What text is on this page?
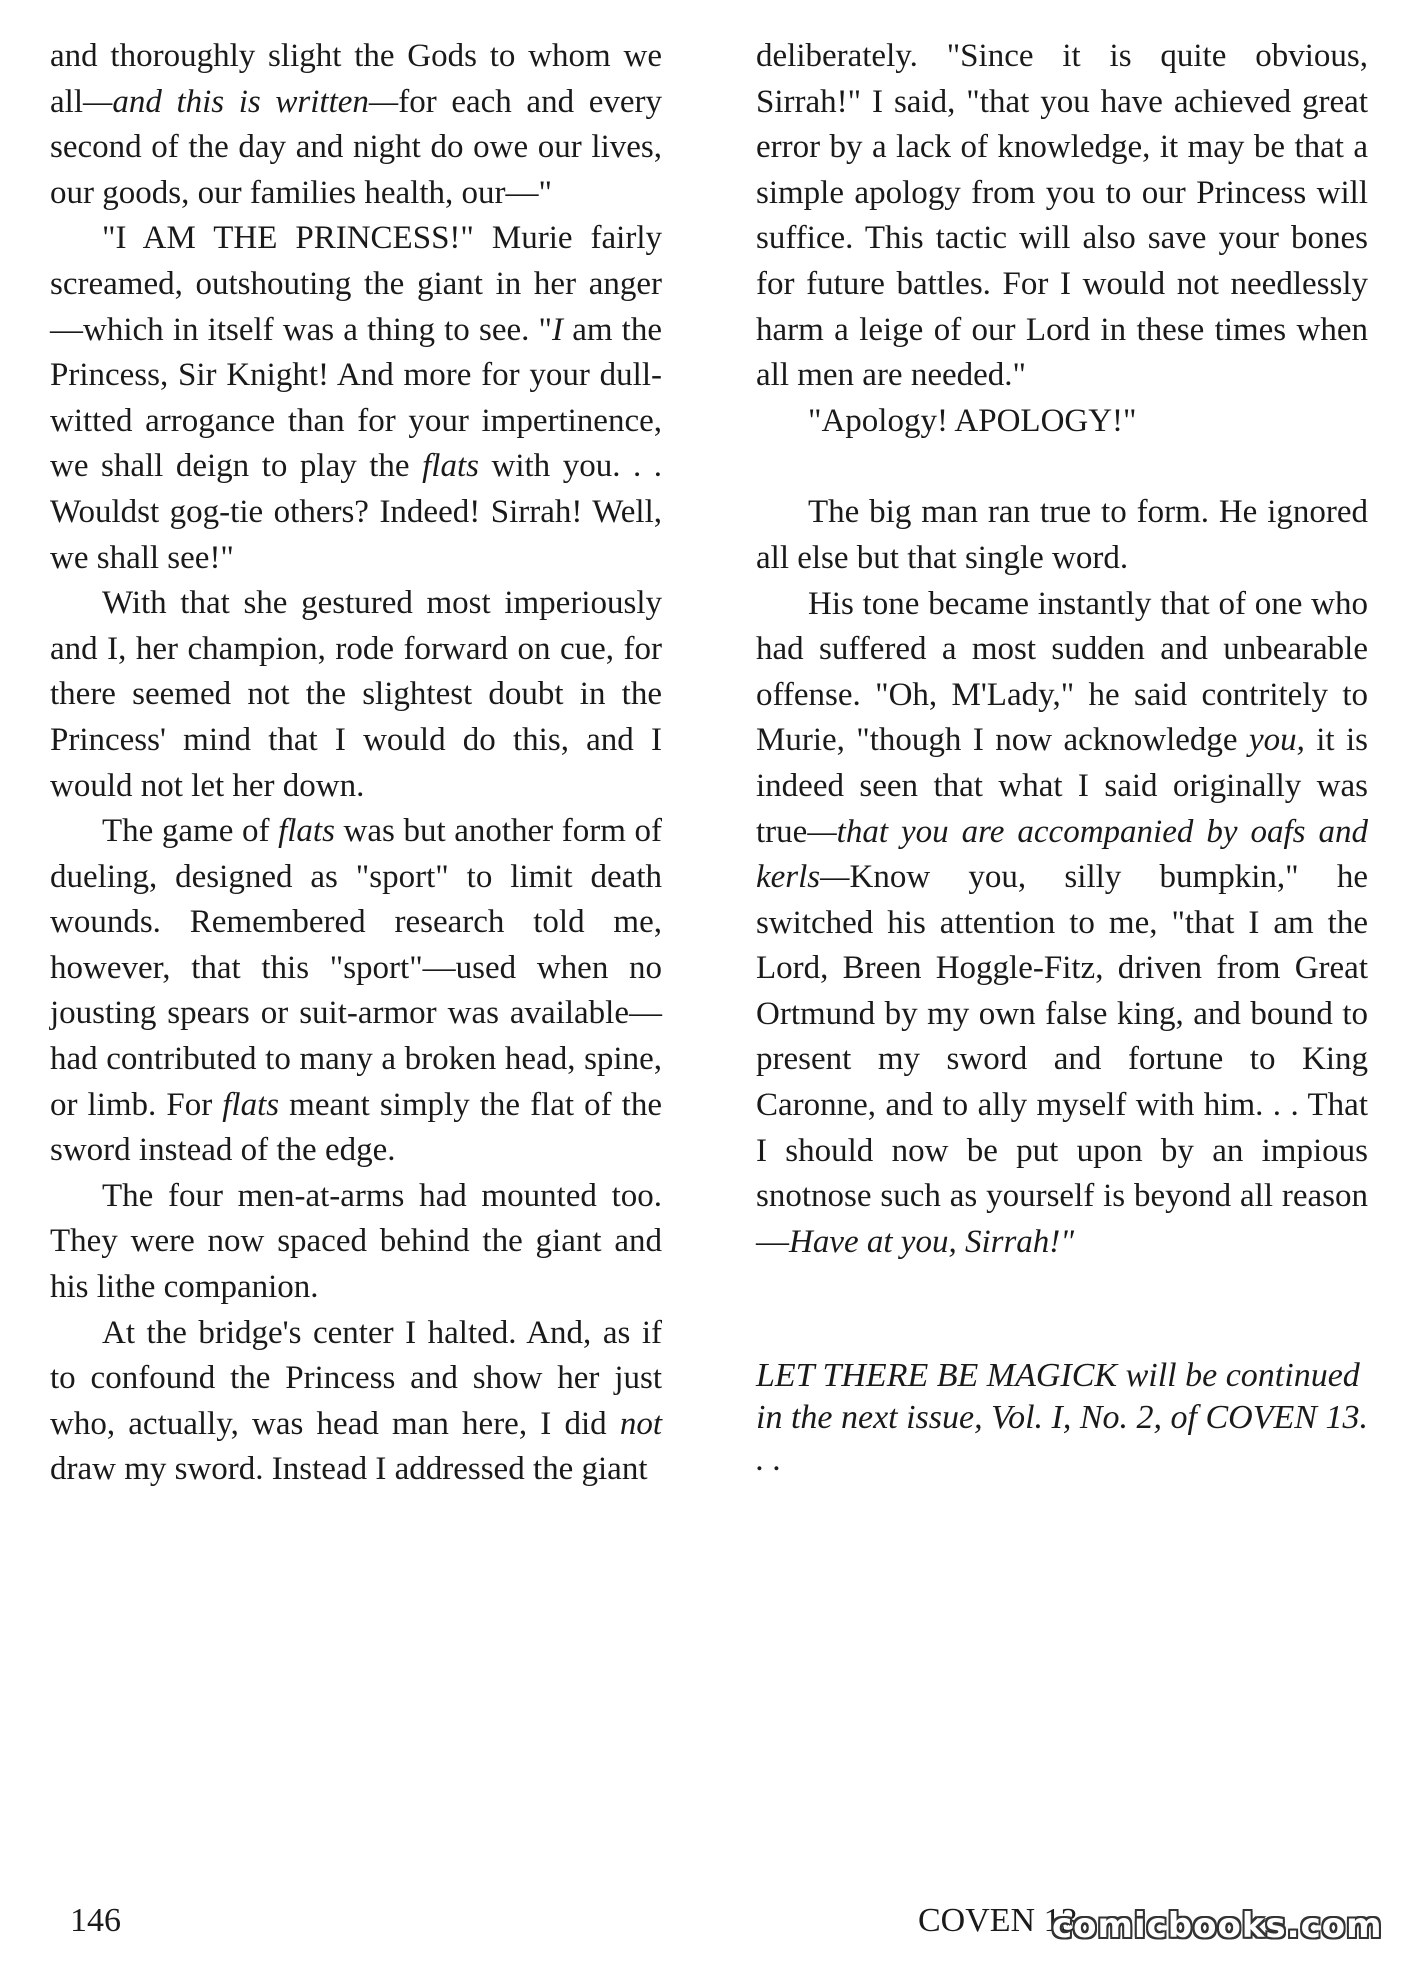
and thoroughly slight the Gods to whom we all—and this is written—for each and every second of the day and night do owe our lives, our goods, our families health, our—"

"I AM THE PRINCESS!" Murie fairly screamed, outshouting the giant in her anger—which in itself was a thing to see. "I am the Princess, Sir Knight! And more for your dull-witted arrogance than for your impertinence, we shall deign to play the flats with you. . . Wouldst gog-tie others? Indeed! Sirrah! Well, we shall see!"

With that she gestured most imperiously and I, her champion, rode forward on cue, for there seemed not the slightest doubt in the Princess' mind that I would do this, and I would not let her down.

The game of flats was but another form of dueling, designed as "sport" to limit death wounds. Remembered research told me, however, that this "sport"—used when no jousting spears or suit-armor was available—had contributed to many a broken head, spine, or limb. For flats meant simply the flat of the sword instead of the edge.

The four men-at-arms had mounted too. They were now spaced behind the giant and his lithe companion.

At the bridge's center I halted. And, as if to confound the Princess and show her just who, actually, was head man here, I did not draw my sword. Instead I addressed the giant

deliberately. "Since it is quite obvious, Sirrah!" I said, "that you have achieved great error by a lack of knowledge, it may be that a simple apology from you to our Princess will suffice. This tactic will also save your bones for future battles. For I would not needlessly harm a leige of our Lord in these times when all men are needed."

"Apology! APOLOGY!"

The big man ran true to form. He ignored all else but that single word.

His tone became instantly that of one who had suffered a most sudden and unbearable offense. "Oh, M'Lady," he said contritely to Murie, "though I now acknowledge you, it is indeed seen that what I said originally was true—that you are accompanied by oafs and kerls—Know you, silly bumpkin," he switched his attention to me, "that I am the Lord, Breen Hoggle-Fitz, driven from Great Ortmund by my own false king, and bound to present my sword and fortune to King Caronne, and to ally myself with him. . . That I should now be put upon by an impious snotnose such as yourself is beyond all reason—Have at you, Sirrah!"

LET THERE BE MAGICK will be continued in the next issue, Vol. I, No. 2, of COVEN 13. . .

146	COVEN 13
comicbooks.com
